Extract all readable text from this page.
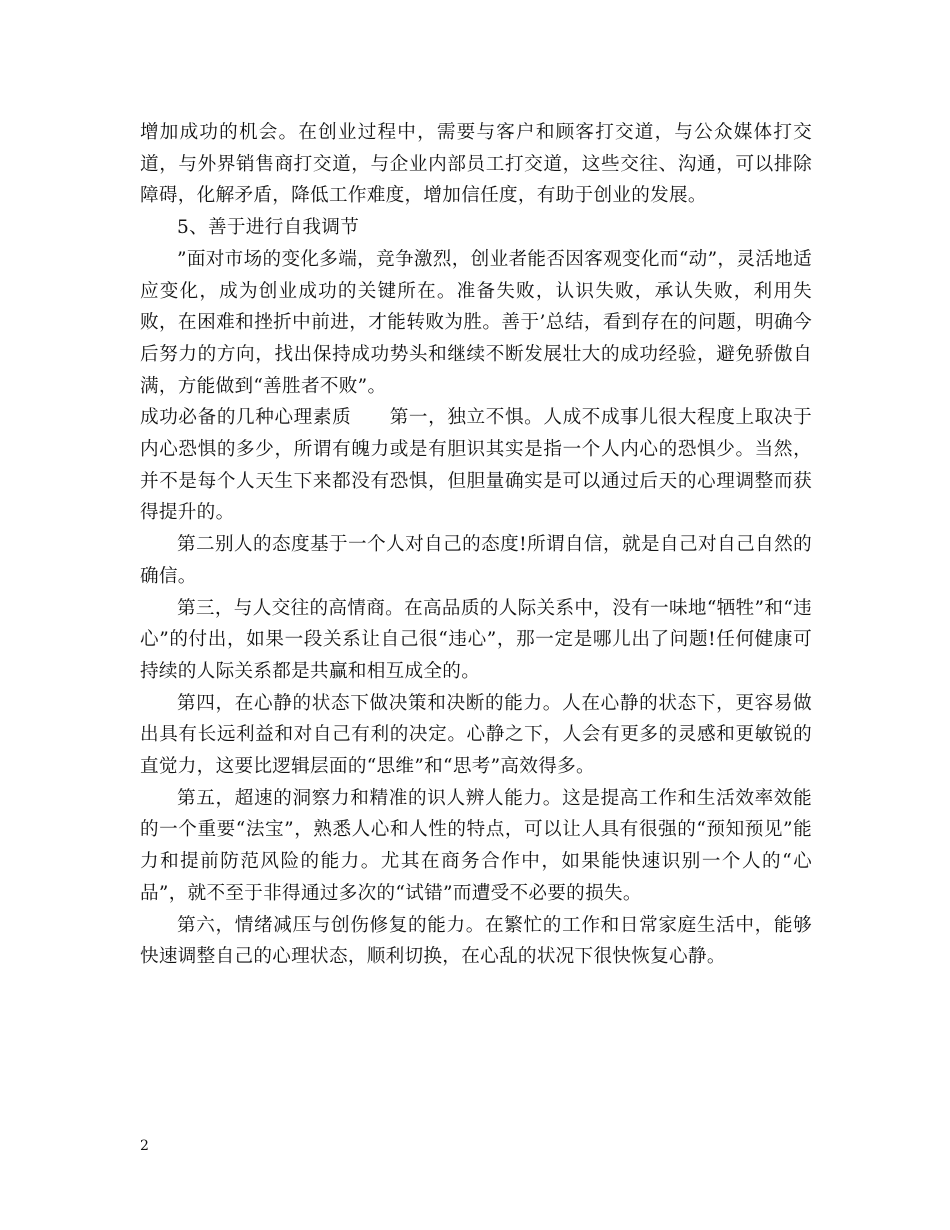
增加成功的机会。在创业过程中，需要与客户和顾客打交道，与公众媒体打交道，与外界销售商打交道，与企业内部员工打交道，这些交往、沟通，可以排除障碍，化解矛盾，降低工作难度，增加信任度，有助于创业的发展。

5、善于进行自我调节

”面对市场的变化多端，竞争激烈，创业者能否因客观变化而“动”，灵活地适应变化，成为创业成功的关键所在。准备失败，认识失败，承认失败，利用失败，在困难和挫折中前进，才能转败为胜。善于’总结，看到存在的问题，明确今后努力的方向，找出保持成功势头和继续不断发展壮大的成功经验，避免骄傲自满，方能做到“善胜者不败”。

成功必备的几种心理素质　　第一，独立不惧。人成不成事儿很大程度上取决于内心恐惧的多少，所谓有魄力或是有胆识其实是指一个人内心的恐惧少。当然，并不是每个人天生下来都没有恐惧，但胆量确实是可以通过后天的心理调整而获得提升的。

第二别人的态度基于一个人对自己的态度!所谓自信，就是自己对自己自然的确信。

第三，与人交往的高情商。在高品质的人际关系中，没有一味地“牺牲”和“违心”的付出，如果一段关系让自己很“违心”，那一定是哪儿出了问题!任何健康可持续的人际关系都是共赢和相互成全的。

第四，在心静的状态下做决策和决断的能力。人在心静的状态下，更容易做出具有长远利益和对自己有利的决定。心静之下，人会有更多的灵感和更敏锐的直觉力，这要比逻辑层面的“思维”和“思考”高效得多。

第五，超速的洞察力和精准的识人辨人能力。这是提高工作和生活效率效能的一个重要“法宝”，熟悉人心和人性的特点，可以让人具有很强的“预知预见”能力和提前防范风险的能力。尤其在商务合作中，如果能快速识别一个人的“心品”，就不至于非得通过多次的“试错”而遭受不必要的损失。

第六，情绪减压与创伤修复的能力。在繁忙的工作和日常家庭生活中，能够快速调整自己的心理状态，顺利切换，在心乱的状况下很快恢复心静。

2
